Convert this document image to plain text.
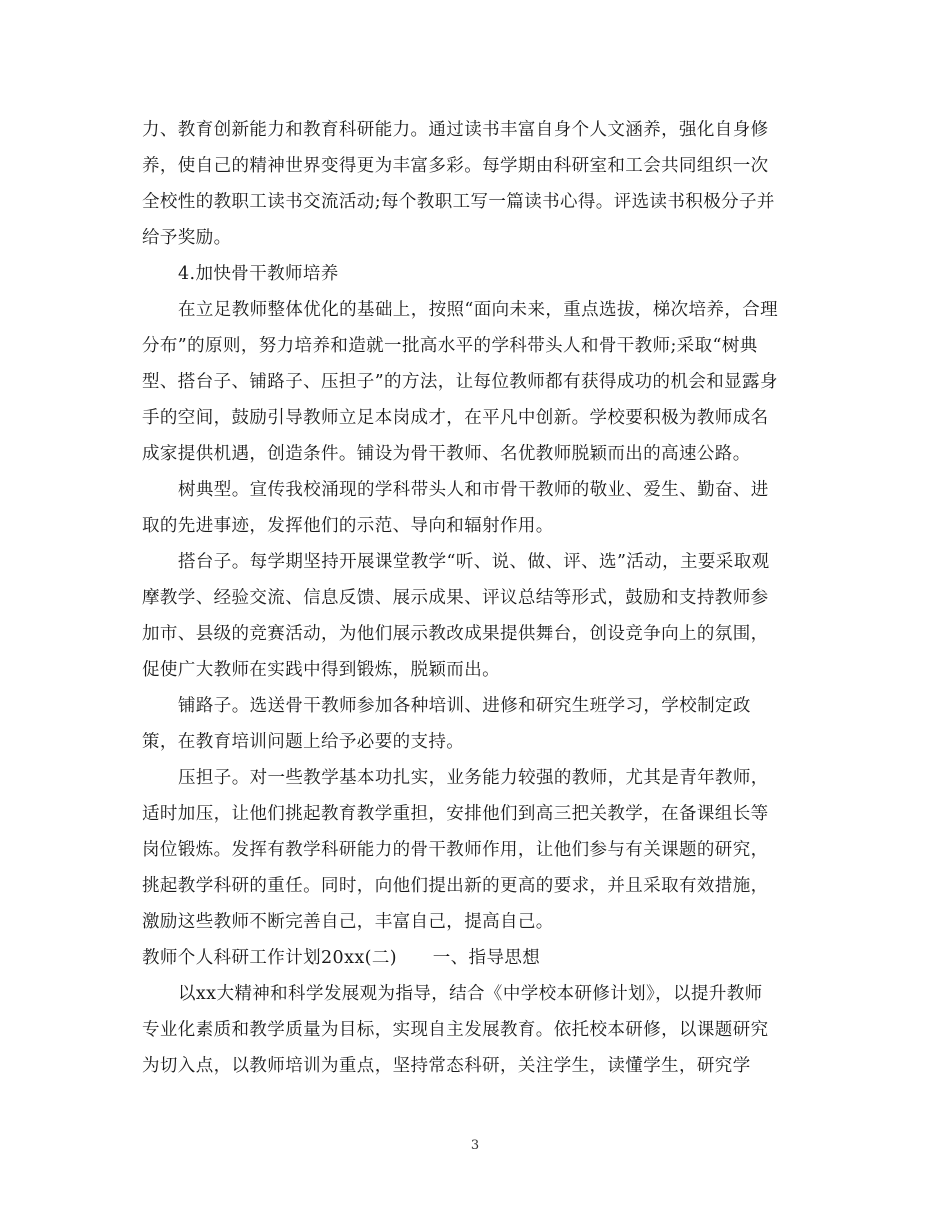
力、教育创新能力和教育科研能力。通过读书丰富自身个人文涵养，强化自身修
养，使自己的精神世界变得更为丰富多彩。每学期由科研室和工会共同组织一次
全校性的教职工读书交流活动;每个教职工写一篇读书心得。评选读书积极分子并
给予奖励。
4.加快骨干教师培养
在立足教师整体优化的基础上，按照“面向未来，重点选拔，梯次培养，合理
分布”的原则，努力培养和造就一批高水平的学科带头人和骨干教师;采取“树典
型、搭台子、铺路子、压担子”的方法，让每位教师都有获得成功的机会和显露身
手的空间，鼓励引导教师立足本岗成才，在平凡中创新。学校要积极为教师成名
成家提供机遇，创造条件。铺设为骨干教师、名优教师脱颖而出的高速公路。
树典型。宣传我校涌现的学科带头人和市骨干教师的敬业、爱生、勤奋、进
取的先进事迹，发挥他们的示范、导向和辐射作用。
搭台子。每学期坚持开展课堂教学“听、说、做、评、选”活动，主要采取观
摩教学、经验交流、信息反馈、展示成果、评议总结等形式，鼓励和支持教师参
加市、县级的竞赛活动，为他们展示教改成果提供舞台，创设竞争向上的氛围，
促使广大教师在实践中得到锻炼，脱颖而出。
铺路子。选送骨干教师参加各种培训、进修和研究生班学习，学校制定政
策，在教育培训问题上给予必要的支持。
压担子。对一些教学基本功扎实，业务能力较强的教师，尤其是青年教师，
适时加压，让他们挑起教育教学重担，安排他们到高三把关教学，在备课组长等
岗位锻炼。发挥有教学科研能力的骨干教师作用，让他们参与有关课题的研究，
挑起教学科研的重任。同时，向他们提出新的更高的要求，并且采取有效措施，
激励这些教师不断完善自己，丰富自己，提高自己。
教师个人科研工作计划20xx(二)　　一、指导思想
以xx大精神和科学发展观为指导，结合《中学校本研修计划》，以提升教师
专业化素质和教学质量为目标，实现自主发展教育。依托校本研修，以课题研究
为切入点，以教师培训为重点，坚持常态科研，关注学生，读懂学生，研究学
3
